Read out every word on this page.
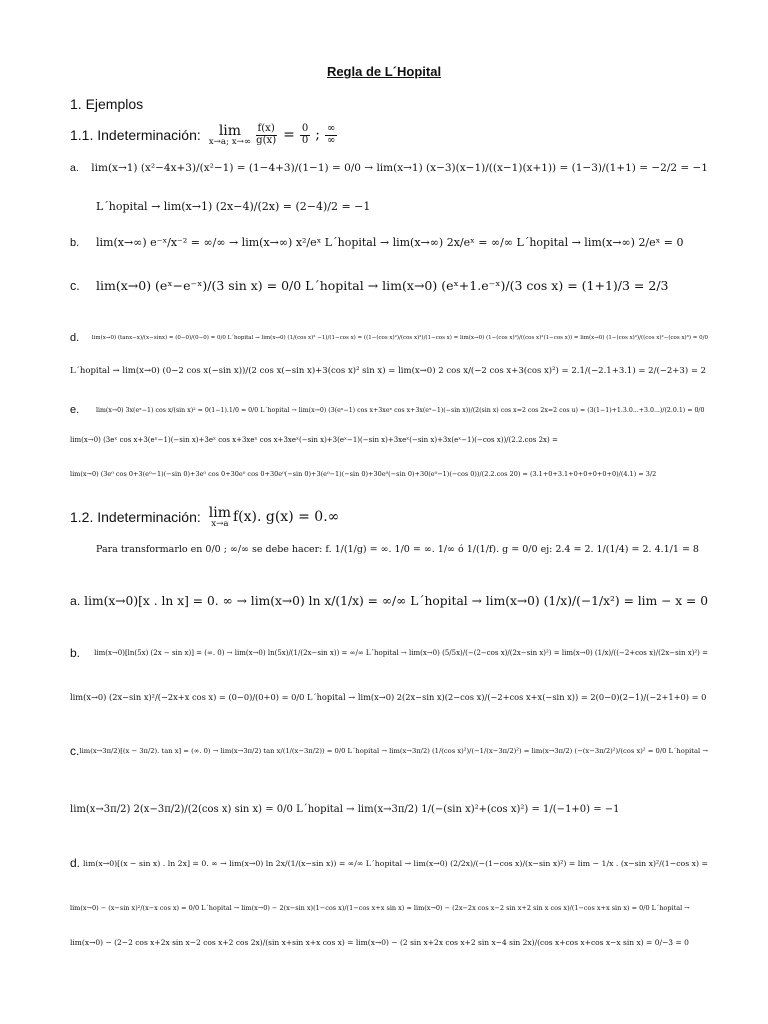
Regla de L´Hopital
1. Ejemplos
1.1. Indeterminación: lim
x→a; $x\to\infty \frac{f(x)}{g(x)} = \frac{0}{0}$ ; $\frac{\infty}{\infty}$
a.	lim(x→1) (x²−4x+3)/(x²−1) = (1−4+3)/(1−1) = 0/0 → lim(x→1) (x−3)(x−1)/((x−1)(x+1)) = (1−3)/(1+1) = −2/2 = −1
L´hopital → lim(x→1) (2x−4)/(2x) = (2−4)/2 = −1
b.	lim(x→∞) e⁻ˣ/x⁻² = ∞/∞ → lim(x→∞) x²/eˣ L´hopital → lim(x→∞) 2x/eˣ = ∞/∞ L´hopital → lim(x→∞) 2/eˣ = 0
c.	lim(x→0) (eˣ−e⁻ˣ)/(3 sin x) = 0/0 L´hopital → lim(x→0) (eˣ+1.e⁻ˣ)/(3 cos x) = (1+1)/3 = 2/3
d.	lim(x→0) (tanx−x)/(x−sinx) = (0−0)/(0−0) = 0/0 L´hopital → lim(x→0) (1/(cos x)² −1)/(1−cos x) = ((1−(cos x)²)/(cos x)²)/(1−cos x) = lim(x→0) (1−(cos x)²)/((cos x)²(1−cos x)) = lim(x→0) (1−(cos x)²)/((cos x)²−(cos x)³) = 0/0
L´hopital → lim(x→0) (0−2 cos x(−sin x))/(2 cos x(−sin x)+3(cos x)² sin x) = lim(x→0) 2 cos x/(−2 cos x+3(cos x)²) = 2.1/(−2.1+3.1) = 2/(−2+3) = 2
e.	lim(x→0) 3x(eˣ−1) cos x/(sin x)² = 0(1−1).1/0 = 0/0 L´hopital → lim(x→0) (3(eˣ−1) cos x+3xeˣ cos x+3x(eˣ−1)(−sin x))/(2(sin x) cos x=2 cos 2x=2 cos u) = (3(1−1)+1.3.0...+3.0...)/(2.0.1) = 0/0
lim(x→0) (3eˣ cos x+3(eˣ−1)(−sin x)+3eˣ cos x+3xeˣ cos x+3xeˣ(−sin x)+3(eˣ−1)(−sin x)+3xeˣ(−sin x)+3x(eˣ−1)(−cos x))/(2.2.cos 2x) =
lim(x→0) (3e⁰ cos 0+3(e⁰−1)(−sin 0)+3e⁰ cos 0+30e⁰ cos 0+30e⁰(−sin 0)+3(e⁰−1)(−sin 0)+30e⁰(−sin 0)+30(e⁰−1)(−cos 0))/(2.2.cos 20) = (3.1+0+3.1+0+0+0+0+0)/(4.1) = 3/2
1.2. Indeterminación: lim
x→a f(x). g(x) = 0.∞
Para transformarlo en 0/0 ; ∞/∞ se debe hacer: f. 1/(1/g) = ∞. 1/0 = ∞. 1/∞ ó 1/(1/f). g = 0/0 ej: 2.4 = 2. 1/(1/4) = 2. 4.1/1 = 8
a. lim(x→0)[x . ln x] = 0. ∞ → lim(x→0) ln x/(1/x) = ∞/∞ L´hopital → lim(x→0) (1/x)/(−1/x²) = lim − x = 0
b.	lim(x→0)[ln(5x) (2x − sin x)] = (∞. 0) → lim(x→0) ln(5x)/(1/(2x−sin x)) = ∞/∞ L´hopital → lim(x→0) (5/5x)/(−(2−cos x)/(2x−sin x)²) = lim(x→0) (1/x)/((−2+cos x)/(2x−sin x)²) =
lim(x→0) (2x−sin x)²/(−2x+x cos x) = (0−0)/(0+0) = 0/0 L´hopital → lim(x→0) 2(2x−sin x)(2−cos x)/(−2+cos x+x(−sin x)) = 2(0−0)(2−1)/(−2+1+0) = 0
c. lim(x→3π/2)[(x − 3π/2). tan x] = (∞. 0) → lim(x→3π/2) tan x/(1/(x−3π/2)) = 0/0 L´hopital → lim(x→3π/2) (1/(cos x)²)/(−1/(x−3π/2)²) = lim(x→3π/2) (−(x−3π/2)²)/(cos x)² = 0/0 L´hopital →
lim(x→3π/2) 2(x−3π/2)/(2(cos x) sin x) = 0/0 L´hopital → lim(x→3π/2) 1/(−(sin x)²+(cos x)²) = 1/(−1+0) = −1
d. lim(x→0)[(x − sin x) . ln 2x] = 0. ∞ → lim(x→0) ln 2x/(1/(x−sin x)) = ∞/∞ L´hopital → lim(x→0) (2/2x)/(−(1−cos x)/(x−sin x)²) = lim − 1/x . (x−sin x)²/(1−cos x) =
lim(x→0) − (x−sin x)²/(x−x cos x) = 0/0 L´hopital → lim(x→0) − 2(x−sin x)(1−cos x)/(1−cos x+x sin x) = lim(x→0) − (2x−2x cos x−2 sin x+2 sin x cos x)/(1−cos x+x sin x) = 0/0 L´hopital →
lim(x→0) − (2−2 cos x+2x sin x−2 cos x+2 cos 2x)/(sin x+sin x+x cos x) = lim(x→0) − (2 sin x+2x cos x+2 sin x−4 sin 2x)/(cos x+cos x+cos x−x sin x) = 0/−3 = 0
